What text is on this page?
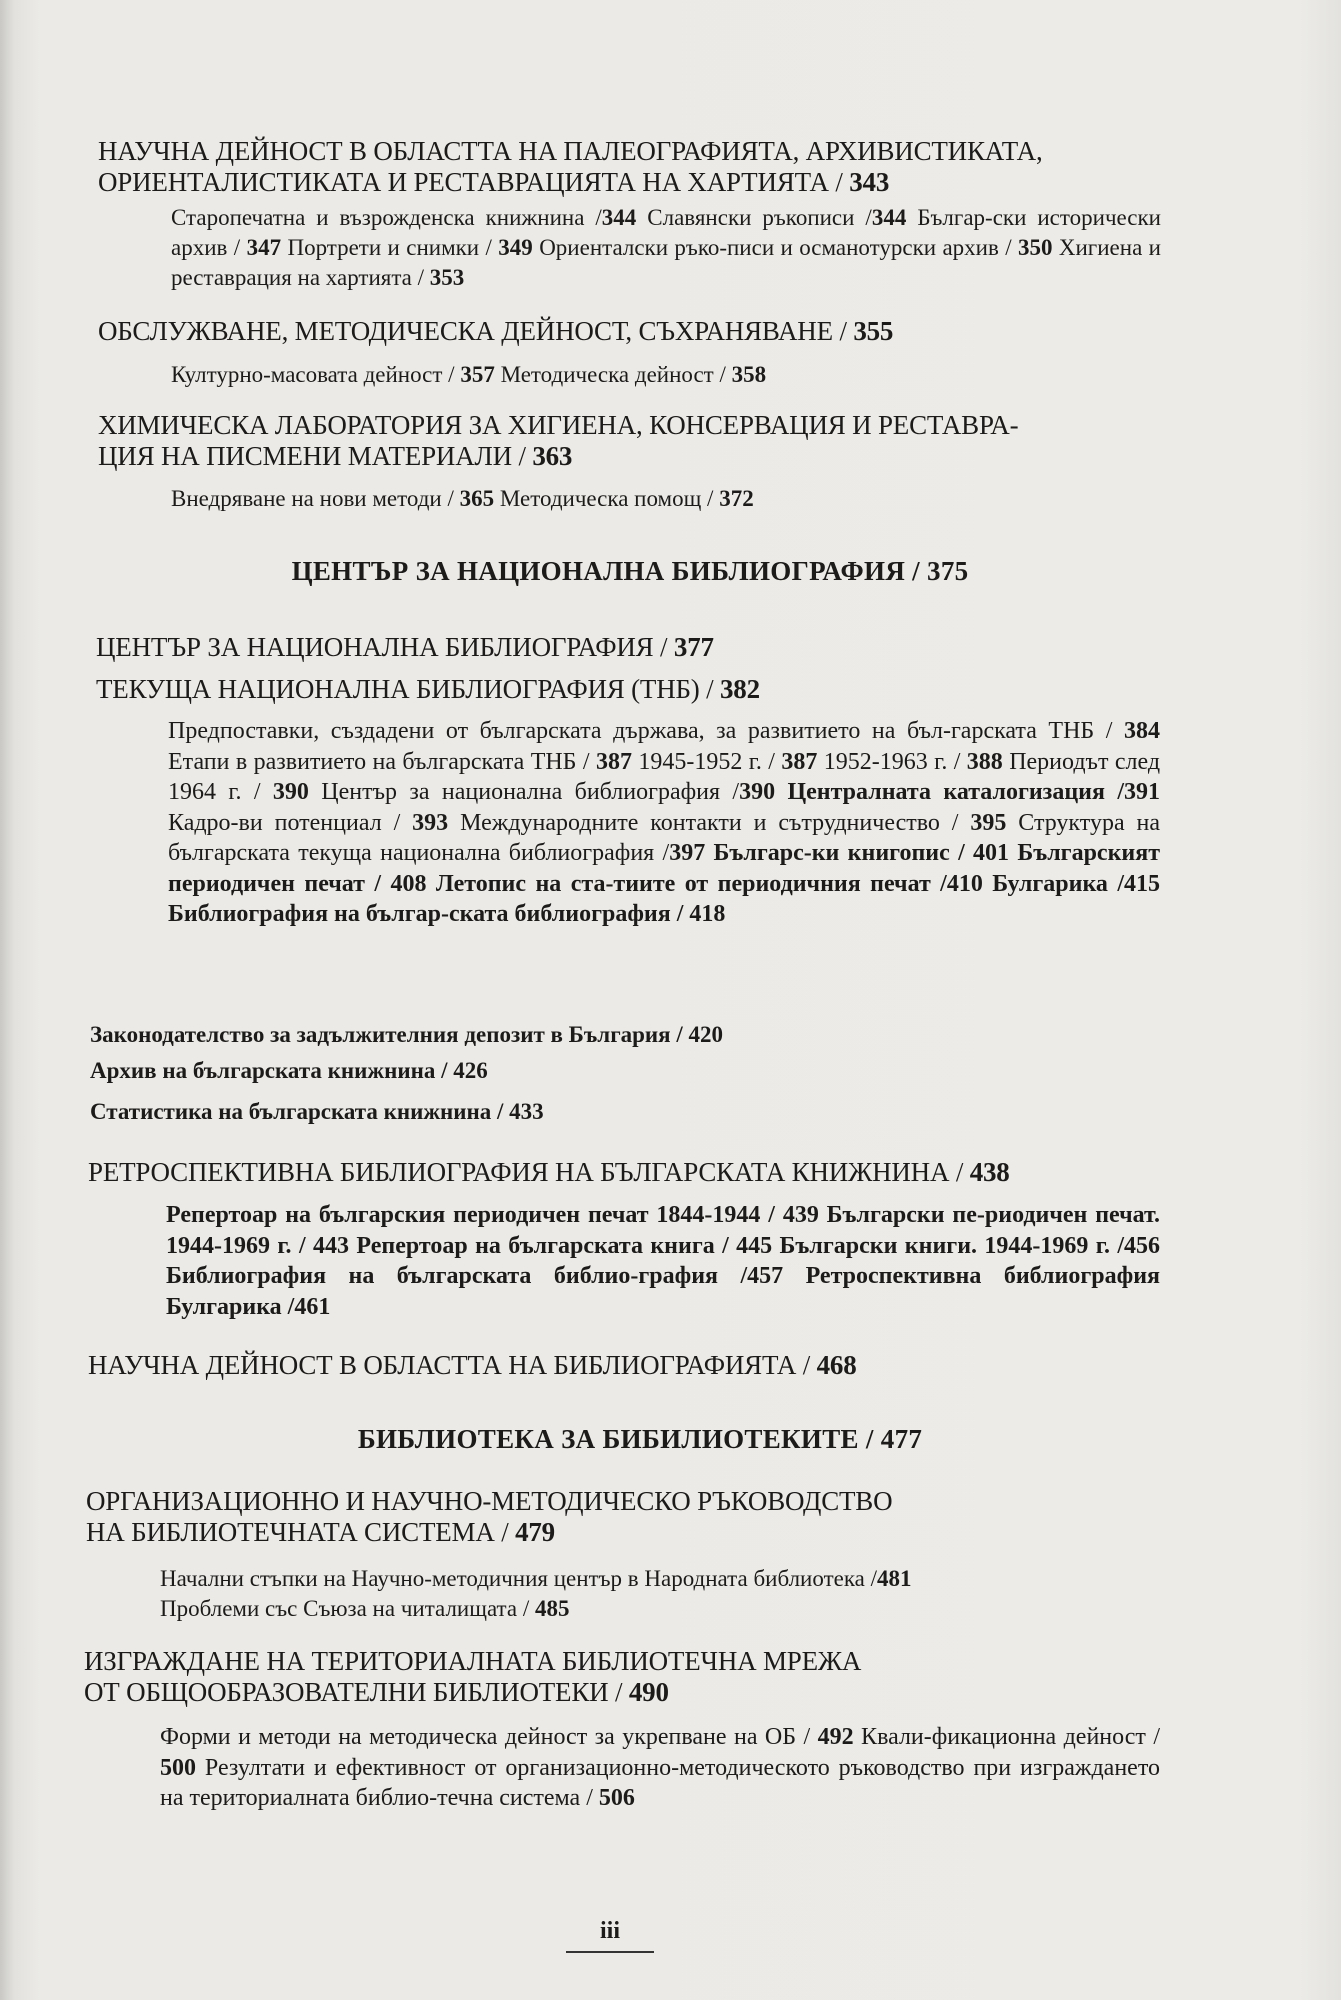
НАУЧНА ДЕЙНОСТ В ОБЛАСТТА НА ПАЛЕОГРАФИЯТА, АРХИВИСТИКАТА,
ОРИЕНТАЛИСТИКАТА И РЕСТАВРАЦИЯТА НА ХАРТИЯТА / 343
Старопечатна и възрожденска книжнина /344 Славянски ръкописи /344 Българ-ски исторически архив / 347 Портрети и снимки / 349 Ориенталски ръко-писи и османотурски архив / 350 Хигиена и реставрация на хартията / 353
ОБСЛУЖВАНЕ, МЕТОДИЧЕСКА ДЕЙНОСТ, СЪХРАНЯВАНЕ / 355
Културно-масовата дейност / 357 Методическа дейност / 358
ХИМИЧЕСКА ЛАБОРАТОРИЯ ЗА ХИГИЕНА, КОНСЕРВАЦИЯ И РЕСТАВРА-
ЦИЯ НА ПИСМЕНИ МАТЕРИАЛИ / 363
Внедряване на нови методи / 365 Методическа помощ / 372
ЦЕНТЪР ЗА НАЦИОНАЛНА БИБЛИОГРАФИЯ / 375
ЦЕНТЪР ЗА НАЦИОНАЛНА БИБЛИОГРАФИЯ / 377
ТЕКУЩА НАЦИОНАЛНА БИБЛИОГРАФИЯ (ТНБ) / 382
Предпоставки, създадени от българската държава, за развитието на бъл-гарската ТНБ / 384 Етапи в развитието на българската ТНБ / 387 1945-1952 г. / 387 1952-1963 г. / 388 Периодът след 1964 г. / 390 Център за национална библиография /390 Централната каталогизация /391 Кадро-ви потенциал / 393 Международните контакти и сътрудничество / 395 Структура на българската текуща национална библиография /397 Българс-ки книгопис / 401 Българският периодичен печат / 408 Летопис на ста-тиите от периодичния печат /410 Булгарика /415 Библиография на българ-ската библиография / 418
Законодателство за задължителния депозит в България / 420
Архив на българската книжнина / 426
Статистика на българската книжнина / 433
РЕТРОСПЕКТИВНА БИБЛИОГРАФИЯ НА БЪЛГАРСКАТА КНИЖНИНА / 438
Репертоар на българския периодичен печат 1844-1944 / 439 Български пе-риодичен печат. 1944-1969 г. / 443 Репертоар на българската книга / 445 Български книги. 1944-1969 г. /456 Библиография на българската библио-графия /457 Ретроспективна библиография Булгарика /461
НАУЧНА ДЕЙНОСТ В ОБЛАСТТА НА БИБЛИОГРАФИЯТА / 468
БИБЛИОТЕКА ЗА БИБИЛИОТЕКИТЕ / 477
ОРГАНИЗАЦИОННО И НАУЧНО-МЕТОДИЧЕСКО РЪКОВОДСТВО
НА БИБЛИОТЕЧНАТА СИСТЕМА / 479
Начални стъпки на Научно-методичния център в Народната библиотека /481
Проблеми със Съюза на читалищата / 485
ИЗГРАЖДАНЕ НА ТЕРИТОРИАЛНАТА БИБЛИОТЕЧНА МРЕЖА
ОТ ОБЩООБРАЗОВАТЕЛНИ БИБЛИОТЕКИ / 490
Форми и методи на методическа дейност за укрепване на ОБ / 492 Квали-фикационна дейност / 500 Резултати и ефективност от организационно-методическото ръководство при изграждането на териториалната библио-течна система / 506
iii
